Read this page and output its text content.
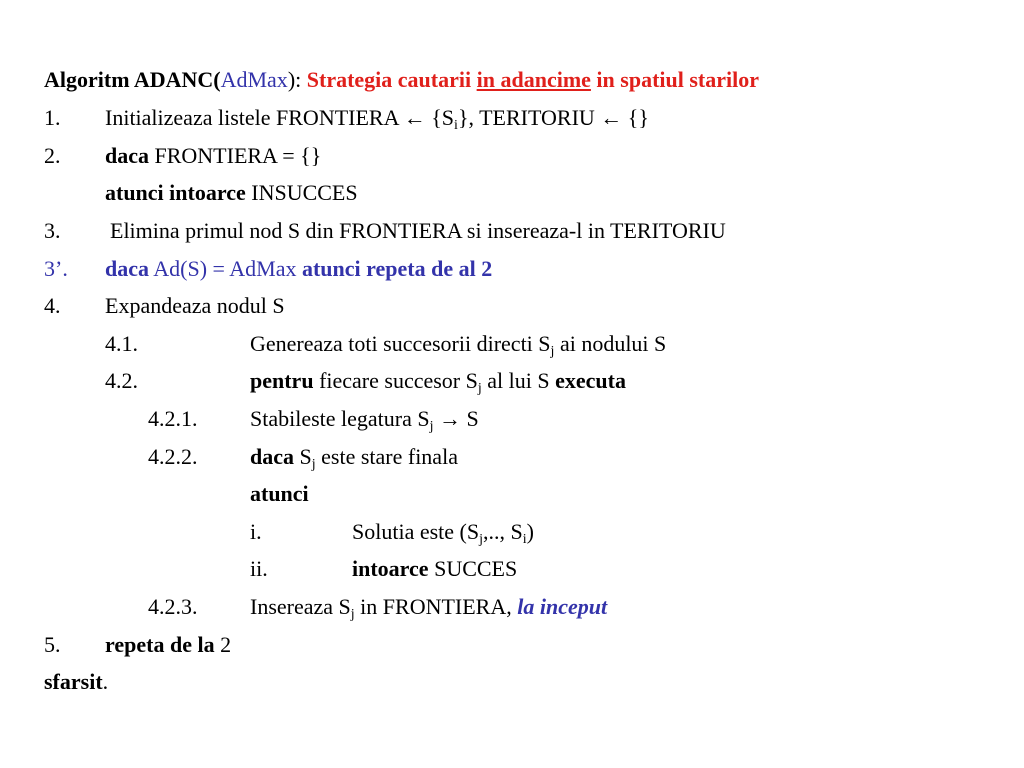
Algoritm ADANC(AdMax): Strategia cautarii in adancime in spatiul starilor
1. Initializeaza listele FRONTIERA ← $\{S_i\}$, TERITORIU ← {}
2. daca FRONTIERA = {}
atunci intoarce INSUCCES
3. Elimina primul nod S din FRONTIERA si insereaza-l in TERITORIU
3’. daca Ad(S) = AdMax atunci repeta de al 2
4. Expandeaza nodul S
4.1.	Genereaza toti succesorii directi $S_j$ ai nodului S
4.2.	pentru fiecare succesor $S_j$ al lui S executa
4.2.1. Stabileste legatura $S_j \to S$
4.2.2. daca $S_j$ este stare finala
atunci
i.	Solutia este ($S_j$,.., $S_i$)
ii.	intoarce SUCCES
4.2.3. Insereaza $S_j$ in FRONTIERA, la inceput
5. repeta de la 2
sfarsit.
